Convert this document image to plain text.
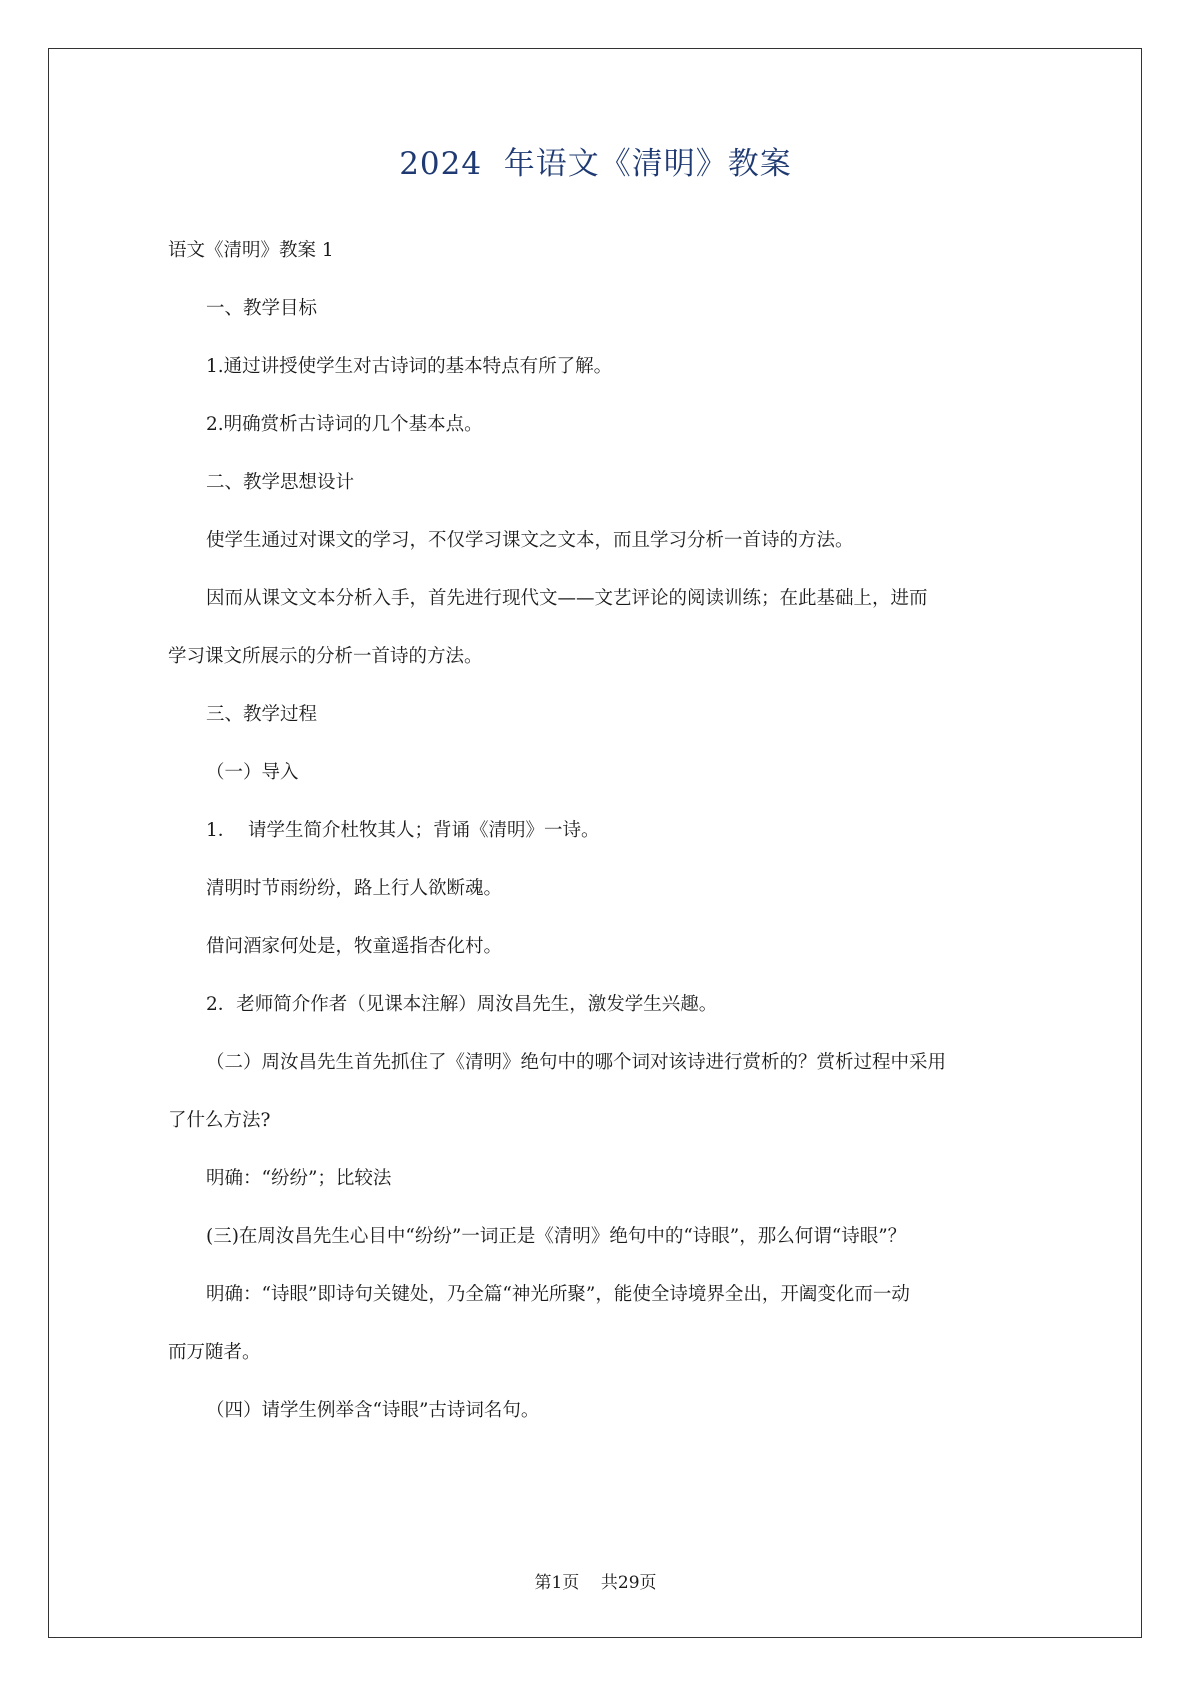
2024  年语文《清明》教案
语文《清明》教案 1
一、教学目标
1.通过讲授使学生对古诗词的基本特点有所了解。
2.明确赏析古诗词的几个基本点。
二、教学思想设计
使学生通过对课文的学习，不仅学习课文之文本，而且学习分析一首诗的方法。
因而从课文文本分析入手，首先进行现代文——文艺评论的阅读训练；在此基础上，进而
学习课文所展示的分析一首诗的方法。
三、教学过程
（一）导入
1．  请学生简介杜牧其人；背诵《清明》一诗。
清明时节雨纷纷，路上行人欲断魂。
借问酒家何处是，牧童遥指杏化村。
2．老师简介作者（见课本注解）周汝昌先生，激发学生兴趣。
（二）周汝昌先生首先抓住了《清明》绝句中的哪个词对该诗进行赏析的？赏析过程中采用
了什么方法?
明确：“纷纷”；比较法
(三)在周汝昌先生心目中“纷纷”一词正是《清明》绝句中的“诗眼”，那么何谓“诗眼”？
明确：“诗眼”即诗句关键处，乃全篇“神光所聚”，能使全诗境界全出，开阖变化而一动
而万随者。
（四）请学生例举含“诗眼”古诗词名句。
第1页    共29页
